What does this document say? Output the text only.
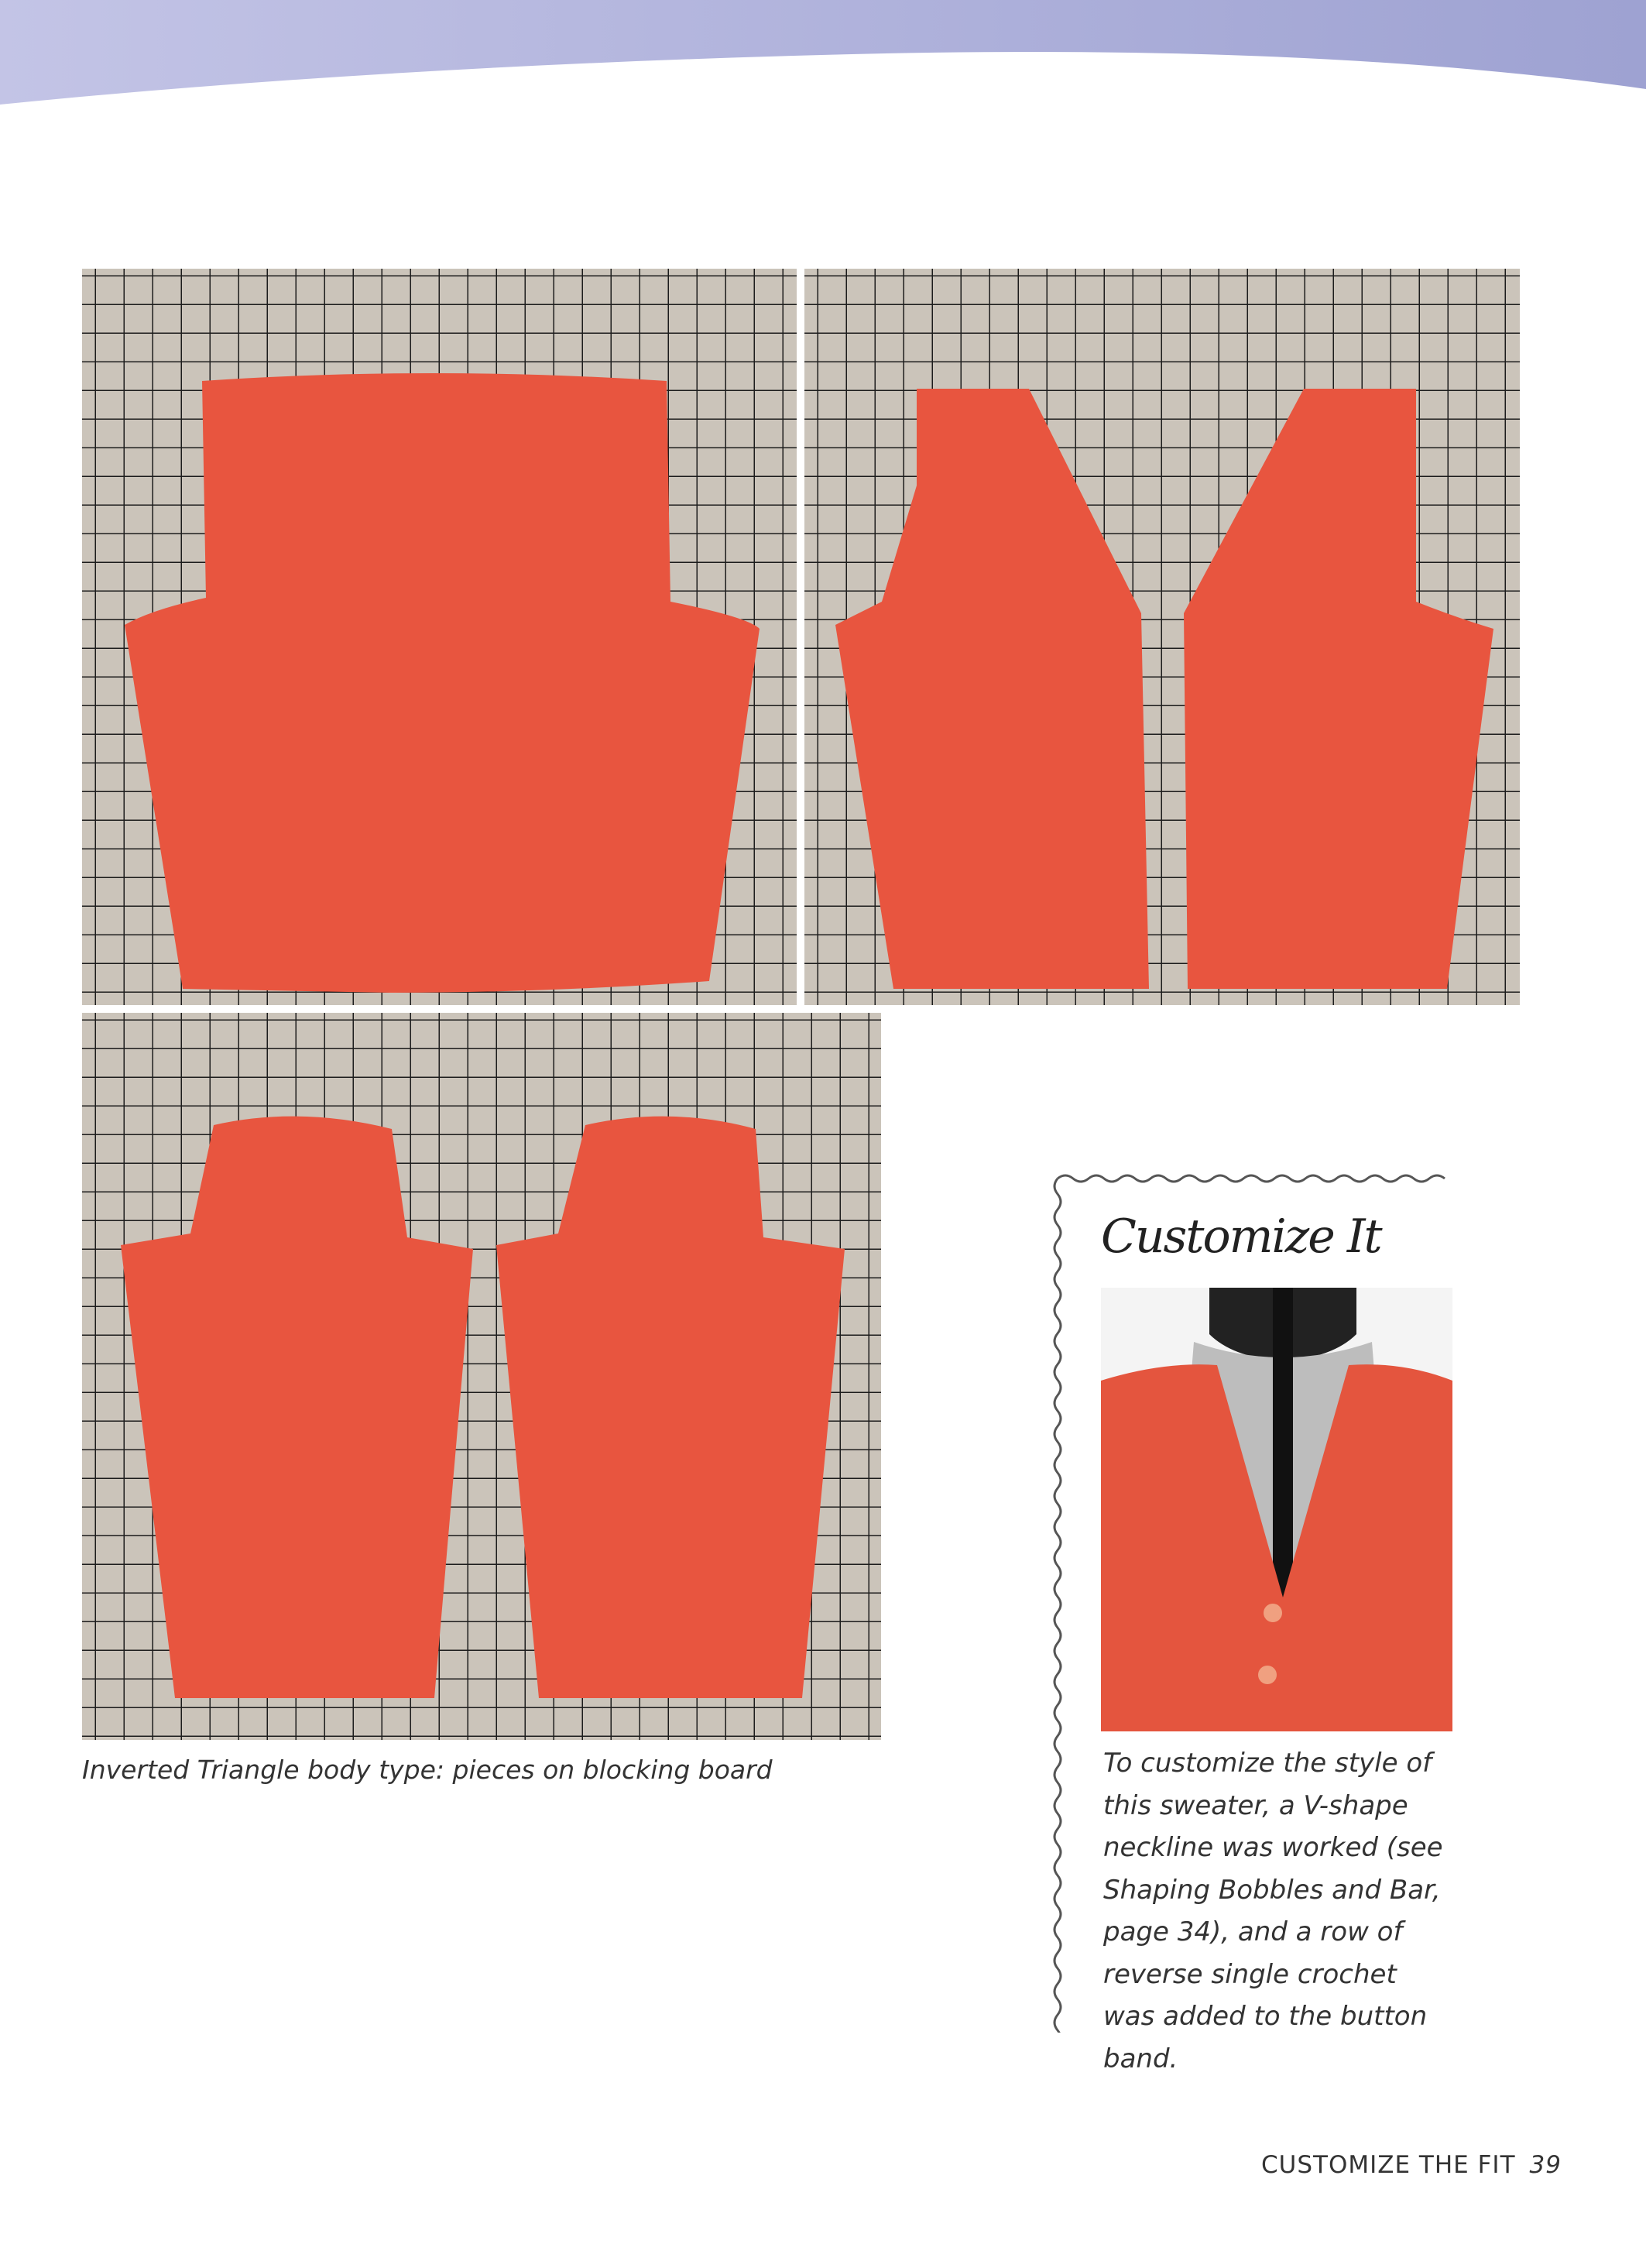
Inverted Triangle body type: pieces on blocking board
Customize It
To customize the style of this sweater, a V-shape neckline was worked (see Shaping Bobbles and Bar, page 34), and a row of reverse single crochet was added to the button band.
CUSTOMIZE THE FIT 39
